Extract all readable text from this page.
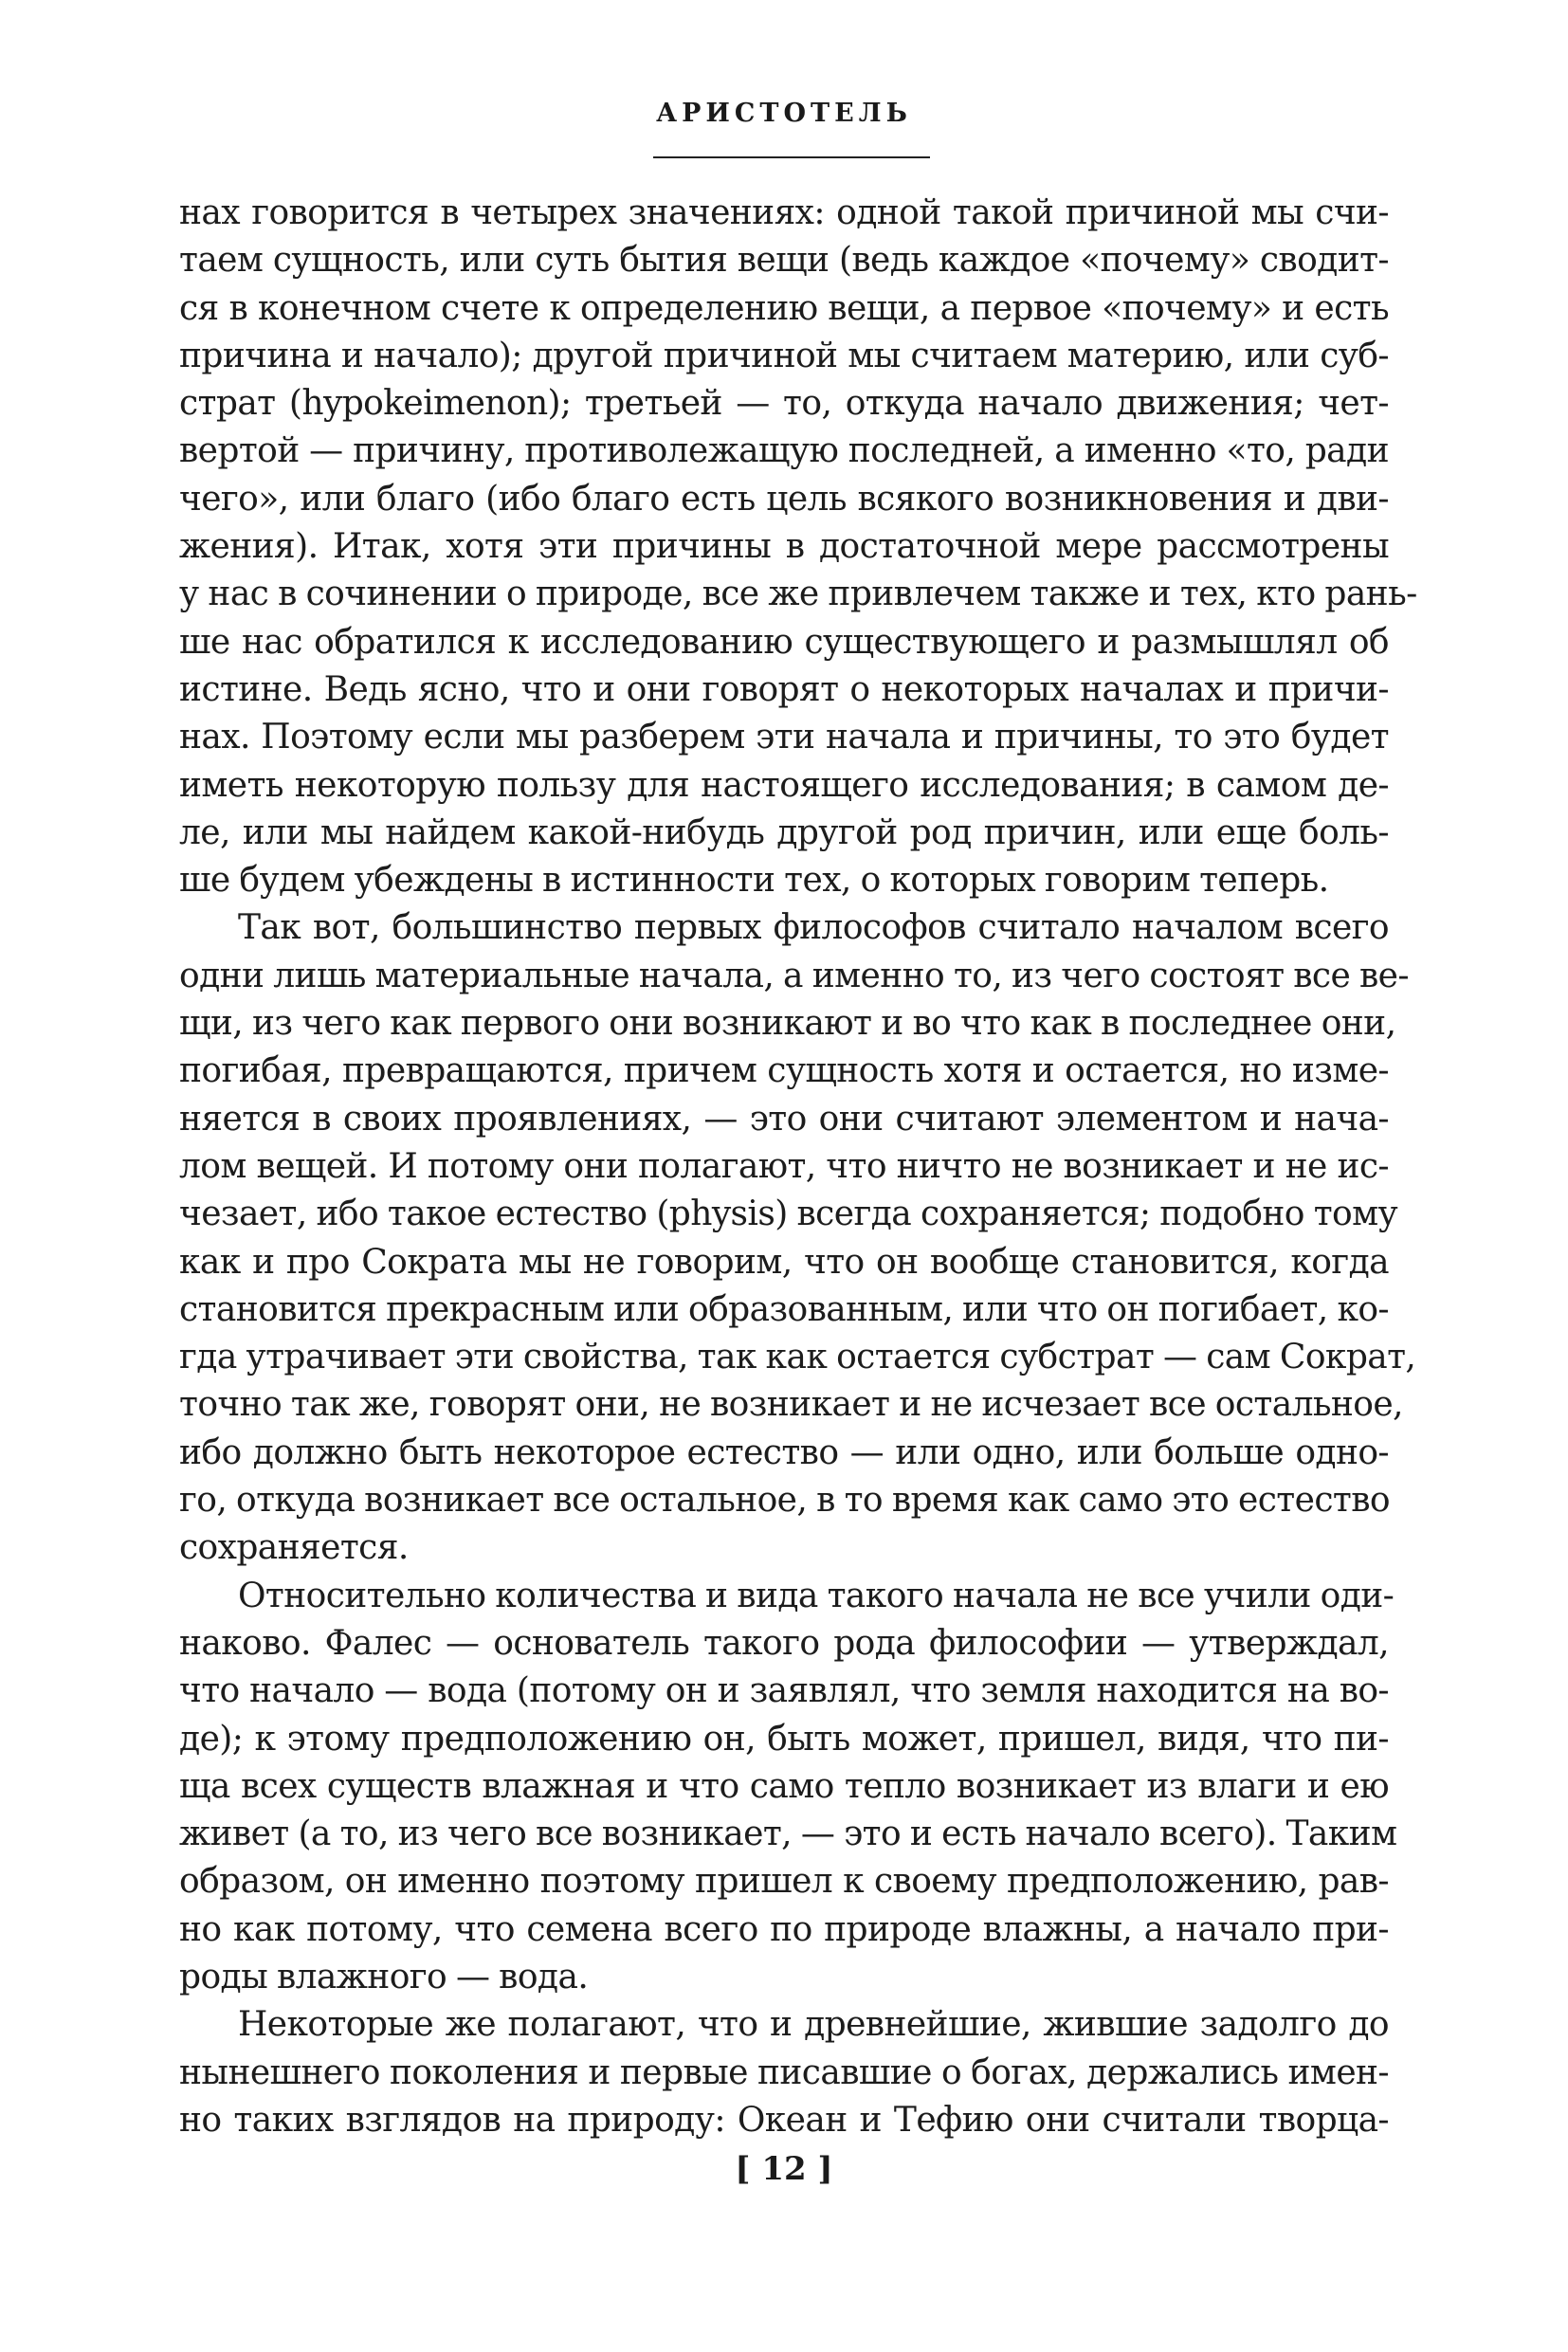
АРИСТОТЕЛЬ
нах говорится в четырех значениях: одной такой причиной мы счи-
таем сущность, или суть бытия вещи (ведь каждое «почему» сводит-
ся в конечном счете к определению вещи, а первое «почему» и есть
причина и начало); другой причиной мы считаем материю, или суб-
страт (hypokeimenon); третьей — то, откуда начало движения; чет-
вертой — причину, противолежащую последней, а именно «то, ради
чего», или благо (ибо благо есть цель всякого возникновения и дви-
жения). Итак, хотя эти причины в достаточной мере рассмотрены
у нас в сочинении о природе, все же привлечем также и тех, кто рань-
ше нас обратился к исследованию существующего и размышлял об
истине. Ведь ясно, что и они говорят о некоторых началах и причи-
нах. Поэтому если мы разберем эти начала и причины, то это будет
иметь некоторую пользу для настоящего исследования; в самом де-
ле, или мы найдем какой-нибудь другой род причин, или еще боль-
ше будем убеждены в истинности тех, о которых говорим теперь.
Так вот, большинство первых философов считало началом всего
одни лишь материальные начала, а именно то, из чего состоят все ве-
щи, из чего как первого они возникают и во что как в последнее они,
погибая, превращаются, причем сущность хотя и остается, но изме-
няется в своих проявлениях, — это они считают элементом и нача-
лом вещей. И потому они полагают, что ничто не возникает и не ис-
чезает, ибо такое естество (physis) всегда сохраняется; подобно тому
как и про Сократа мы не говорим, что он вообще становится, когда
становится прекрасным или образованным, или что он погибает, ко-
гда утрачивает эти свойства, так как остается субстрат — сам Сократ,
точно так же, говорят они, не возникает и не исчезает все остальное,
ибо должно быть некоторое естество — или одно, или больше одно-
го, откуда возникает все остальное, в то время как само это естество
сохраняется.
Относительно количества и вида такого начала не все учили оди-
наково. Фалес — основатель такого рода философии — утверждал,
что начало — вода (потому он и заявлял, что земля находится на во-
де); к этому предположению он, быть может, пришел, видя, что пи-
ща всех существ влажная и что само тепло возникает из влаги и ею
живет (а то, из чего все возникает, — это и есть начало всего). Таким
образом, он именно поэтому пришел к своему предположению, рав-
но как потому, что семена всего по природе влажны, а начало при-
роды влажного — вода.
Некоторые же полагают, что и древнейшие, жившие задолго до
нынешнего поколения и первые писавшие о богах, держались имен-
но таких взглядов на природу: Океан и Тефию они считали творца-
[ 12 ]
